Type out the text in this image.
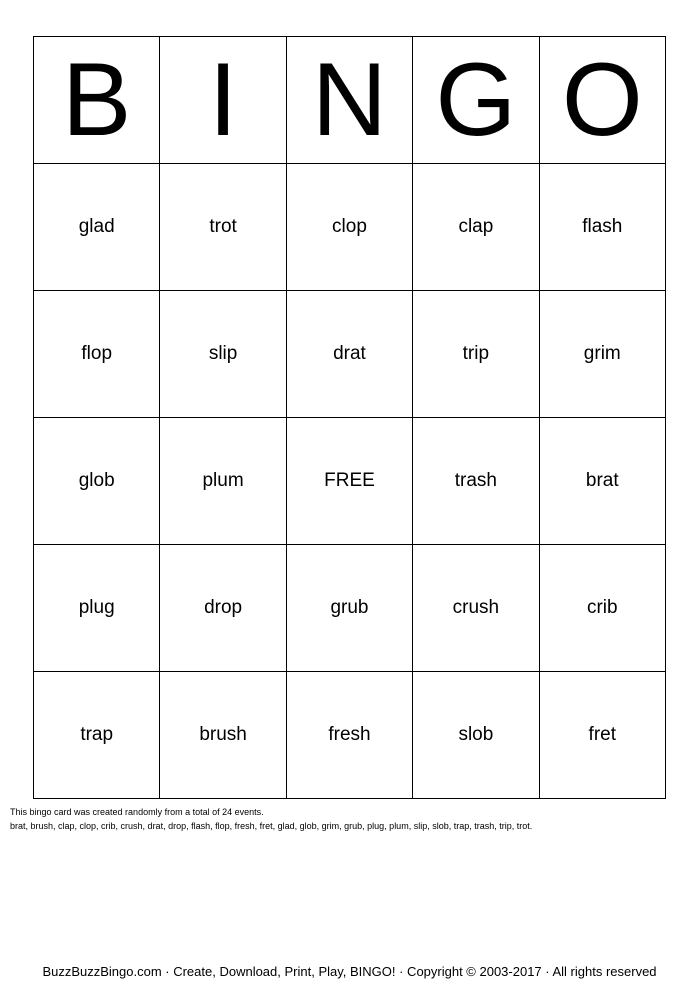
B	I	N	G	O
glad	trot	clop	clap	flash
flop	slip	drat	trip	grim
glob	plum	FREE	trash	brat
plug	drop	grub	crush	crib
trap	brush	fresh	slob	fret
This bingo card was created randomly from a total of 24 events.
brat, brush, clap, clop, crib, crush, drat, drop, flash, flop, fresh, fret, glad, glob, grim, grub, plug, plum, slip, slob, trap, trash, trip, trot.
BuzzBuzzBingo.com · Create, Download, Print, Play, BINGO! · Copyright © 2003-2017 · All rights reserved
